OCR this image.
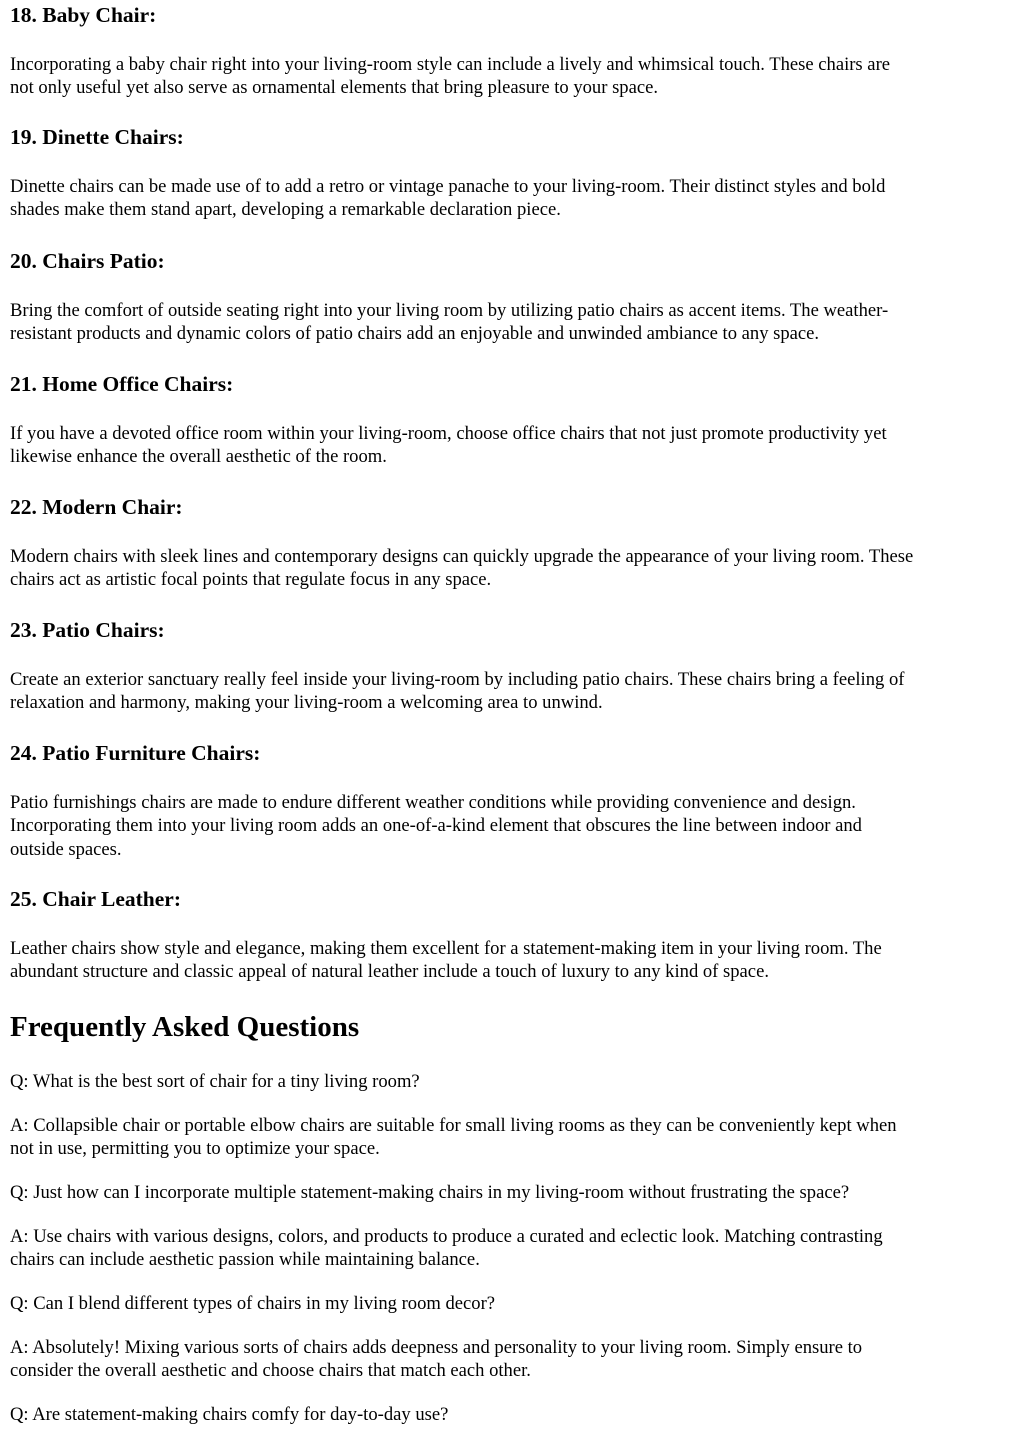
18. Baby Chair:

Incorporating a baby chair right into your living-room style can include a lively and whimsical touch. These chairs are
not only useful yet also serve as ornamental elements that bring pleasure to your space.

19. Dinette Chairs:

Dinette chairs can be made use of to add a retro or vintage panache to your living-room. Their distinct styles and bold
shades make them stand apart, developing a remarkable declaration piece.

20. Chairs Patio:

Bring the comfort of outside seating right into your living room by utilizing patio chairs as accent items. The weather-
resistant products and dynamic colors of patio chairs add an enjoyable and unwinded ambiance to any space.

21. Home Office Chairs:

If you have a devoted office room within your living-room, choose office chairs that not just promote productivity yet
likewise enhance the overall aesthetic of the room.

22. Modern Chair:

Modern chairs with sleek lines and contemporary designs can quickly upgrade the appearance of your living room. These
chairs act as artistic focal points that regulate focus in any space.

23. Patio Chairs:

Create an exterior sanctuary really feel inside your living-room by including patio chairs. These chairs bring a feeling of
relaxation and harmony, making your living-room a welcoming area to unwind.

24. Patio Furniture Chairs:

Patio furnishings chairs are made to endure different weather conditions while providing convenience and design.
Incorporating them into your living room adds an one-of-a-kind element that obscures the line between indoor and
outside spaces.

25. Chair Leather:

Leather chairs show style and elegance, making them excellent for a statement-making item in your living room. The
abundant structure and classic appeal of natural leather include a touch of luxury to any kind of space.

Frequently Asked Questions

Q: What is the best sort of chair for a tiny living room?

A: Collapsible chair or portable elbow chairs are suitable for small living rooms as they can be conveniently kept when
not in use, permitting you to optimize your space.

Q: Just how can I incorporate multiple statement-making chairs in my living-room without frustrating the space?

A: Use chairs with various designs, colors, and products to produce a curated and eclectic look. Matching contrasting
chairs can include aesthetic passion while maintaining balance.

Q: Can I blend different types of chairs in my living room decor?

A: Absolutely! Mixing various sorts of chairs adds deepness and personality to your living room. Simply ensure to
consider the overall aesthetic and choose chairs that match each other.

Q: Are statement-making chairs comfy for day-to-day use?
